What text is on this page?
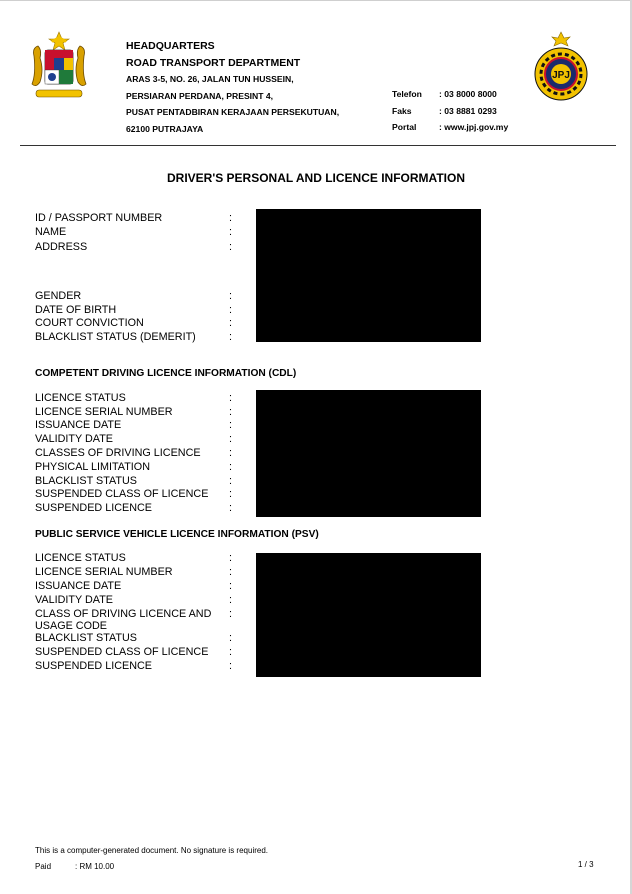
JPJ
HEADQUARTERS
ROAD TRANSPORT DEPARTMENT
ARAS 3-5, NO. 26, JALAN TUN HUSSEIN,
PERSIARAN PERDANA, PRESINT 4,
PUSAT PENTADBIRAN KERAJAAN PERSEKUTUAN,
62100 PUTRAJAYA
Telefon	: 03 8000 8000
Faks	: 03 8881 0293
Portal	: www.jpj.gov.my
DRIVER'S PERSONAL AND LICENCE INFORMATION
ID / PASSPORT NUMBER	:
NAME	:
ADDRESS	:
GENDER	:
DATE OF BIRTH	:
COURT CONVICTION	:
BLACKLIST STATUS (DEMERIT)	:
COMPETENT DRIVING LICENCE INFORMATION (CDL)
LICENCE STATUS	:
LICENCE SERIAL NUMBER	:
ISSUANCE DATE	:
VALIDITY DATE	:
CLASSES OF DRIVING LICENCE	:
PHYSICAL LIMITATION	:
BLACKLIST STATUS	:
SUSPENDED CLASS OF LICENCE :
SUSPENDED LICENCE	:
PUBLIC SERVICE VEHICLE LICENCE INFORMATION (PSV)
LICENCE STATUS	:
LICENCE SERIAL NUMBER	:
ISSUANCE DATE	:
VALIDITY DATE	:
CLASS OF DRIVING LICENCE AND :
USAGE CODE
BLACKLIST STATUS	:
SUSPENDED CLASS OF LICENCE :
SUSPENDED LICENCE	:
This is a computer-generated document. No signature is required.
Paid	: RM 10.00	1 / 3
